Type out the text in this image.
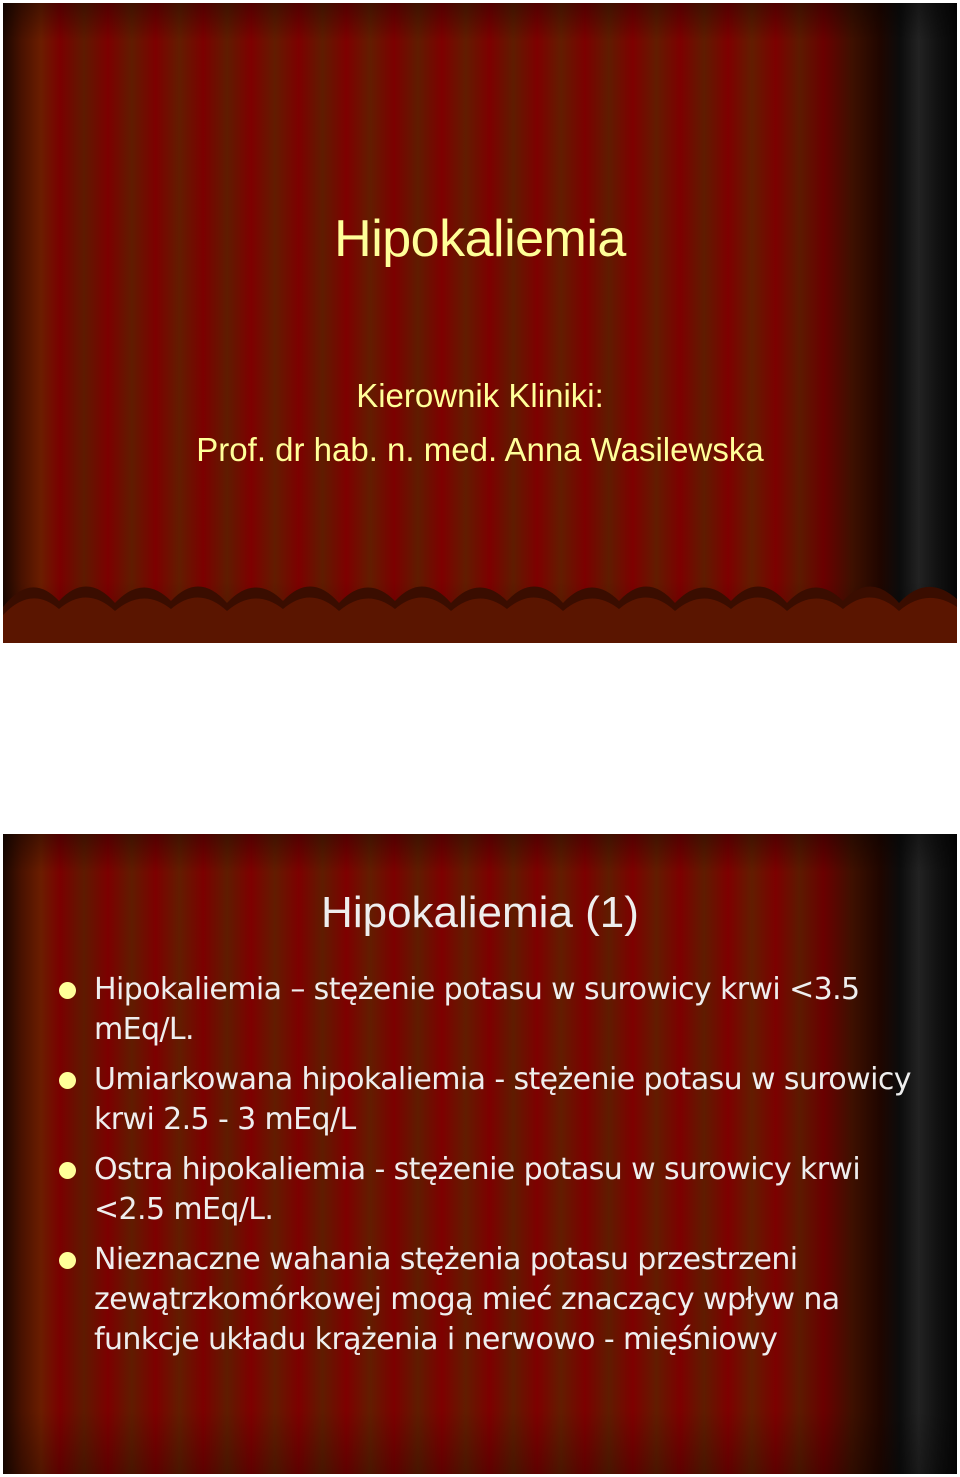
Hipokaliemia
Kierownik Kliniki:
Prof. dr hab. n. med. Anna Wasilewska
Hipokaliemia (1)
Hipokaliemia – stężenie potasu w surowicy krwi <3.5 mEq/L.
Umiarkowana hipokaliemia - stężenie potasu w surowicy krwi 2.5 - 3 mEq/L
Ostra hipokaliemia - stężenie potasu w surowicy krwi <2.5 mEq/L.
Nieznaczne wahania stężenia potasu przestrzeni zewątrzkomórkowej mogą mieć znaczący wpływ na funkcje układu krążenia i nerwowo - mięśniowy
